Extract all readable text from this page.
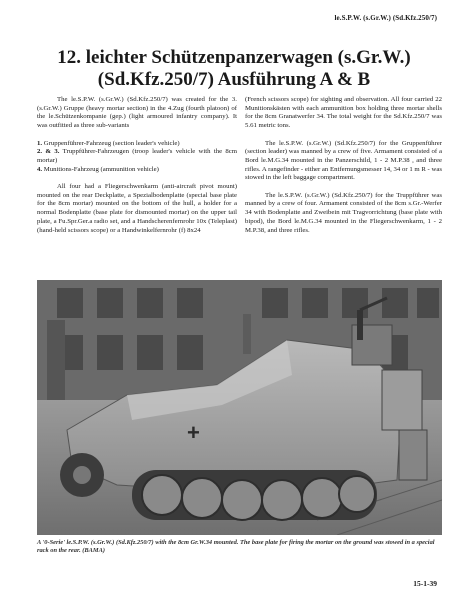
le.S.P.W. (s.Gr.W.) (Sd.Kfz.250/7)
12. leichter Schützenpanzerwagen (s.Gr.W.)
(Sd.Kfz.250/7) Ausführung A & B

The le.S.P.W. (s.Gr.W.) (Sd.Kfz.250/7) was created for the 3.(s.Gr.W.) Gruppe (heavy mortar section) in the 4.Zug (fourth platoon) of the le.Schützenkompanie (gep.) (light armoured infantry company). It was outfitted as three sub-variants

1. Gruppenführer-Fahrzeug (section leader's vehicle)
2. & 3. Truppführer-Fahrzeugen (troop leader's vehicle with the 8cm mortar)
4. Munitions-Fahrzeug (ammunition vehicle)

All four had a Fliegerschwenkarm (anti-aircraft pivot mount) mounted on the rear Deckplatte, a Spezialbodenplatte (special base plate for the 8cm mortar) mounted on the bottom of the hull, a holder for a normal Bodenplatte (base plate for dismounted mortar) on the upper tail plate, a Fu.Spr.Ger.a radio set, and a Handscherenfernrohr 10x (Teleplast) (hand-held scissors scope) or a Handwinkelfernrohr (f) 8x24

(French scissors scope) for sighting and observation. All four carried 22 Munitionskästen with each ammunition box holding three mortar shells for the 8cm Granatwerfer 34. The total weight for the Sd.Kfz.250/7 was 5.61 metric tons.

The le.S.P.W. (s.Gr.W.) (Sd.Kfz.250/7) for the Gruppenführer (section leader) was manned by a crew of five. Armament consisted of a Bord le.M.G.34 mounted in the Panzerschild, 1 - 2 M.P.38 , and three rifles. A rangefinder - either an Entfernungsmesser 14, 34 or 1 m R - was stowed in the left baggage compartment.

The le.S.P.W. (s.Gr.W.) (Sd.Kfz.250/7) for the Truppführer was manned by a crew of four. Armament consisted of the 8cm s.Gr.-Werfer 34 with Bodenplatte and Zweibein mit Tragvorrichtung (base plate with bipod), the Bord le.M.G.34 mounted in the Fliegerschwenkarm, 1 - 2 M.P.38, and three rifles.

+
A '0-Serie' le.S.P.W. (s.Gr.W.) (Sd.Kfz.250/7) with the 8cm Gr.W.34 mounted. The base plate for firing the mortar on the ground was stowed in a special rack on the rear. (BAMA)
15-1-39
